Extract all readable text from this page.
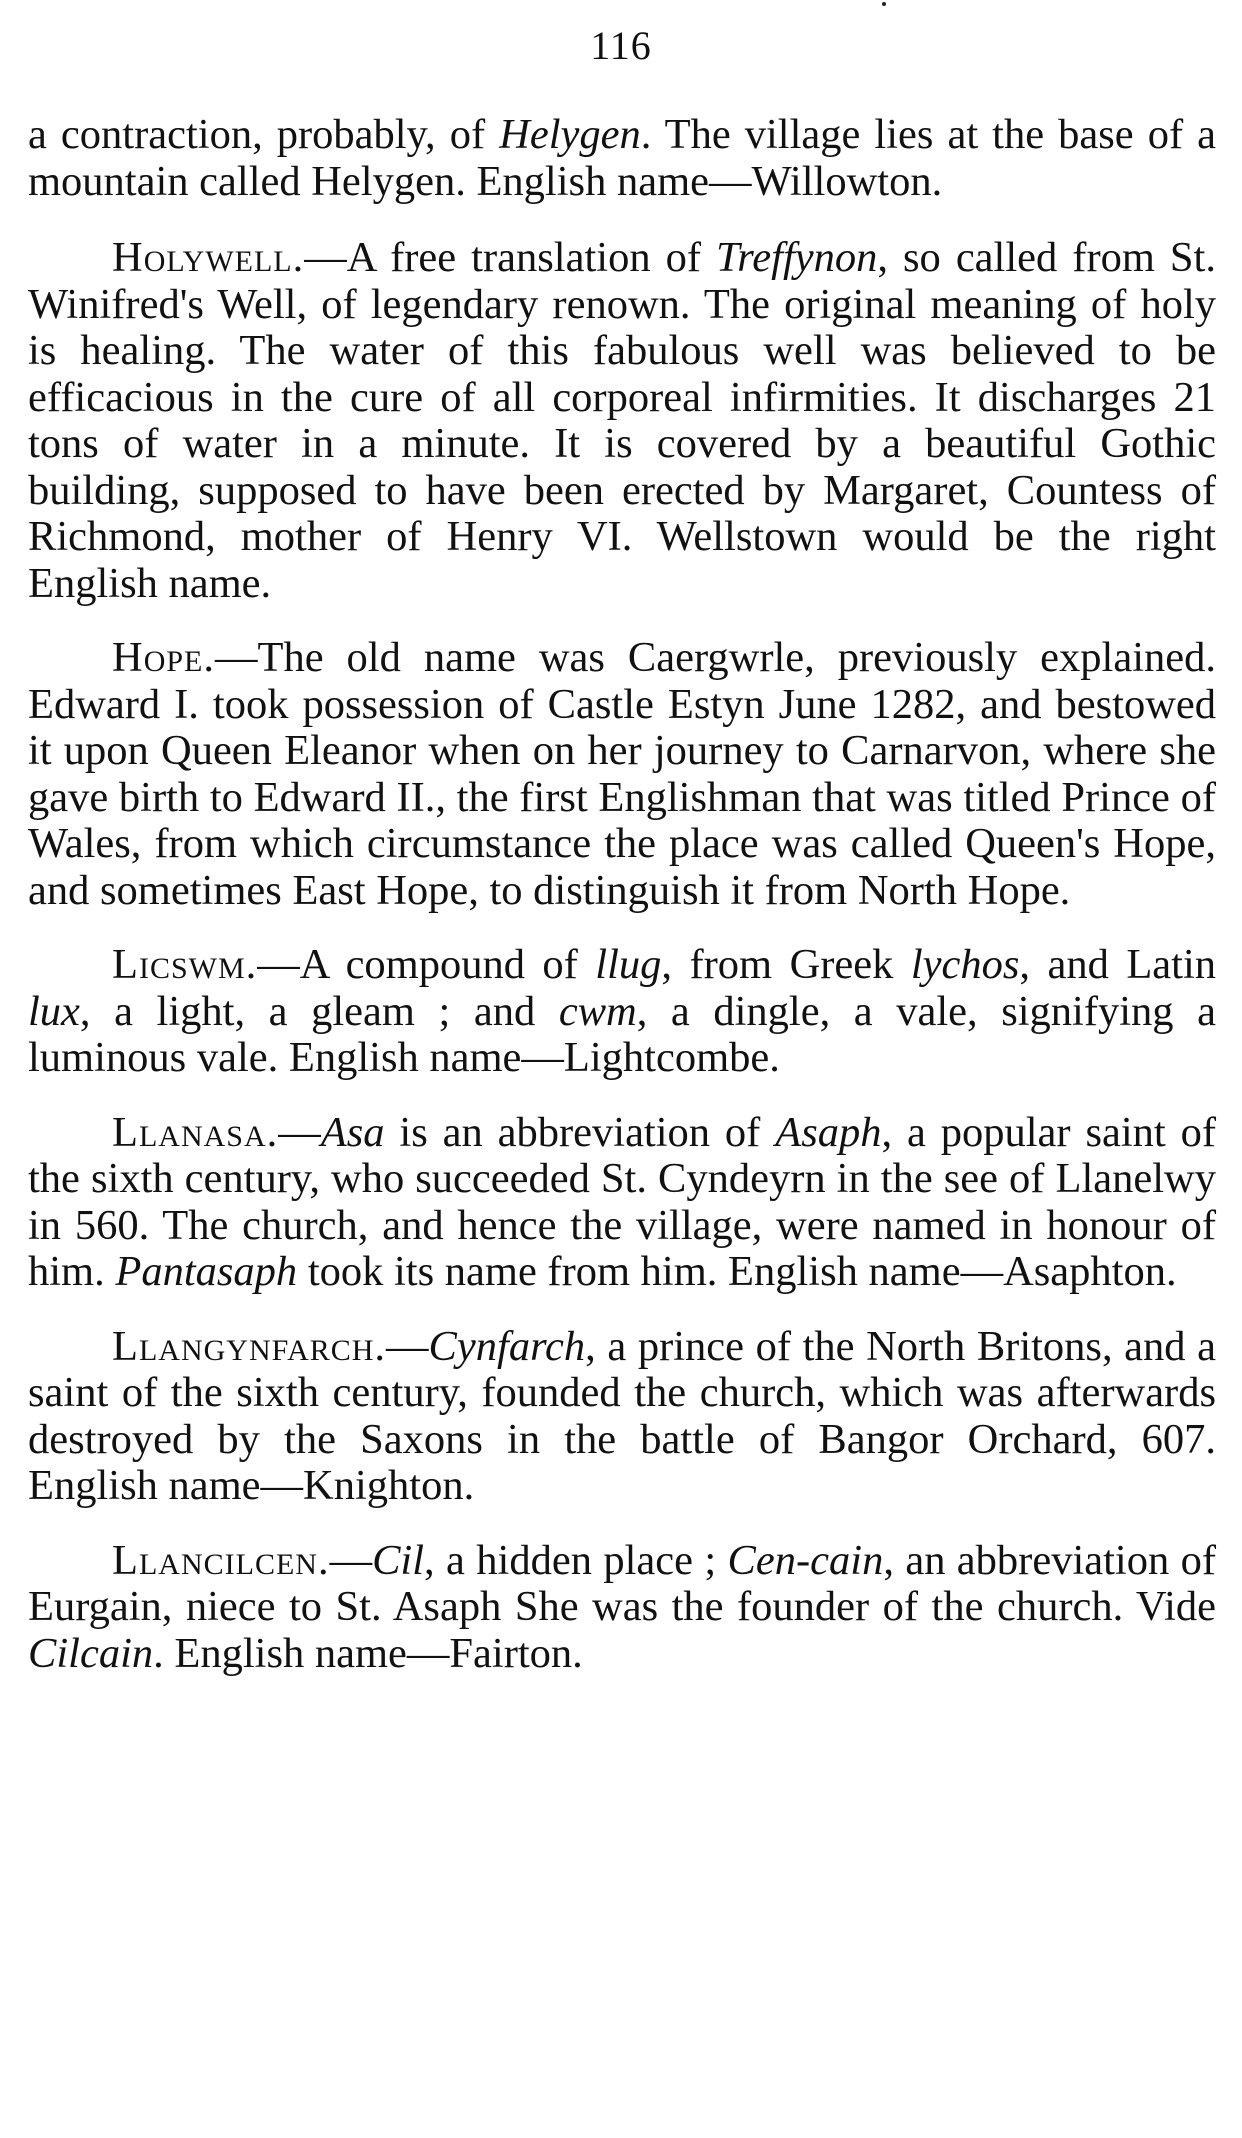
116

a contraction, probably, of Helygen. The village lies at the base of a mountain called Helygen. English name—Willowton.

Holywell.—A free translation of Treffynon, so called from St. Winifred's Well, of legendary renown. The original meaning of holy is healing. The water of this fabulous well was believed to be efficacious in the cure of all corporeal infirmities. It discharges 21 tons of water in a minute. It is covered by a beautiful Gothic building, supposed to have been erected by Margaret, Countess of Richmond, mother of Henry VI. Wellstown would be the right English name.

Hope.—The old name was Caergwrle, previously explained. Edward I. took possession of Castle Estyn June 1282, and bestowed it upon Queen Eleanor when on her journey to Carnarvon, where she gave birth to Edward II., the first Englishman that was titled Prince of Wales, from which circumstance the place was called Queen's Hope, and sometimes East Hope, to distinguish it from North Hope.

Licswm.—A compound of llug, from Greek lychos, and Latin lux, a light, a gleam ; and cwm, a dingle, a vale, signifying a luminous vale. English name—Lightcombe.

Llanasa.—Asa is an abbreviation of Asaph, a popular saint of the sixth century, who succeeded St. Cyndeyrn in the see of Llanelwy in 560. The church, and hence the village, were named in honour of him. Pantasaph took its name from him. English name—Asaphton.

Llangynfarch.—Cynfarch, a prince of the North Britons, and a saint of the sixth century, founded the church, which was afterwards destroyed by the Saxons in the battle of Bangor Orchard, 607. English name—Knighton.

Llancilcen.—Cil, a hidden place ; Cen-cain, an abbreviation of Eurgain, niece to St. Asaph She was the founder of the church. Vide Cilcain. English name—Fairton.
